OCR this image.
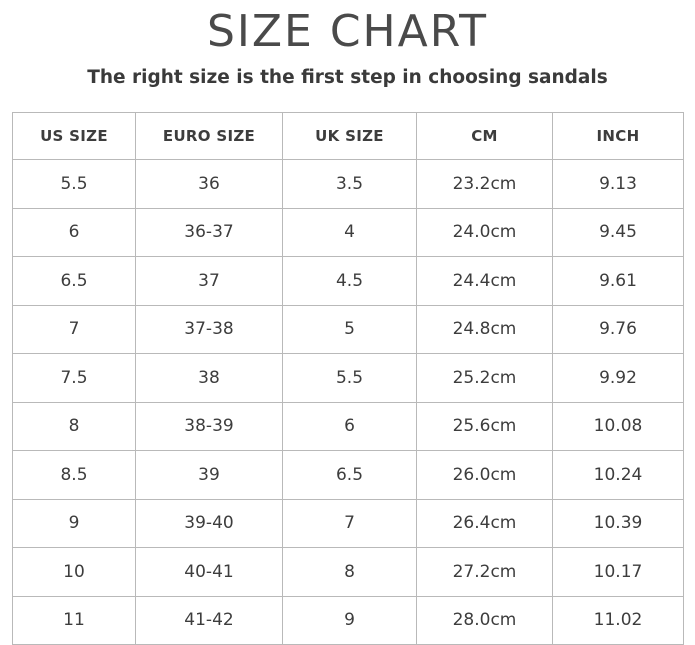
SIZE CHART

The right size is the first step in choosing sandals

US SIZE	EURO SIZE	UK SIZE	CM	INCH
5.5	36	3.5	23.2cm	9.13
6	36-37	4	24.0cm	9.45
6.5	37	4.5	24.4cm	9.61
7	37-38	5	24.8cm	9.76
7.5	38	5.5	25.2cm	9.92
8	38-39	6	25.6cm	10.08
8.5	39	6.5	26.0cm	10.24
9	39-40	7	26.4cm	10.39
10	40-41	8	27.2cm	10.17
11	41-42	9	28.0cm	11.02
